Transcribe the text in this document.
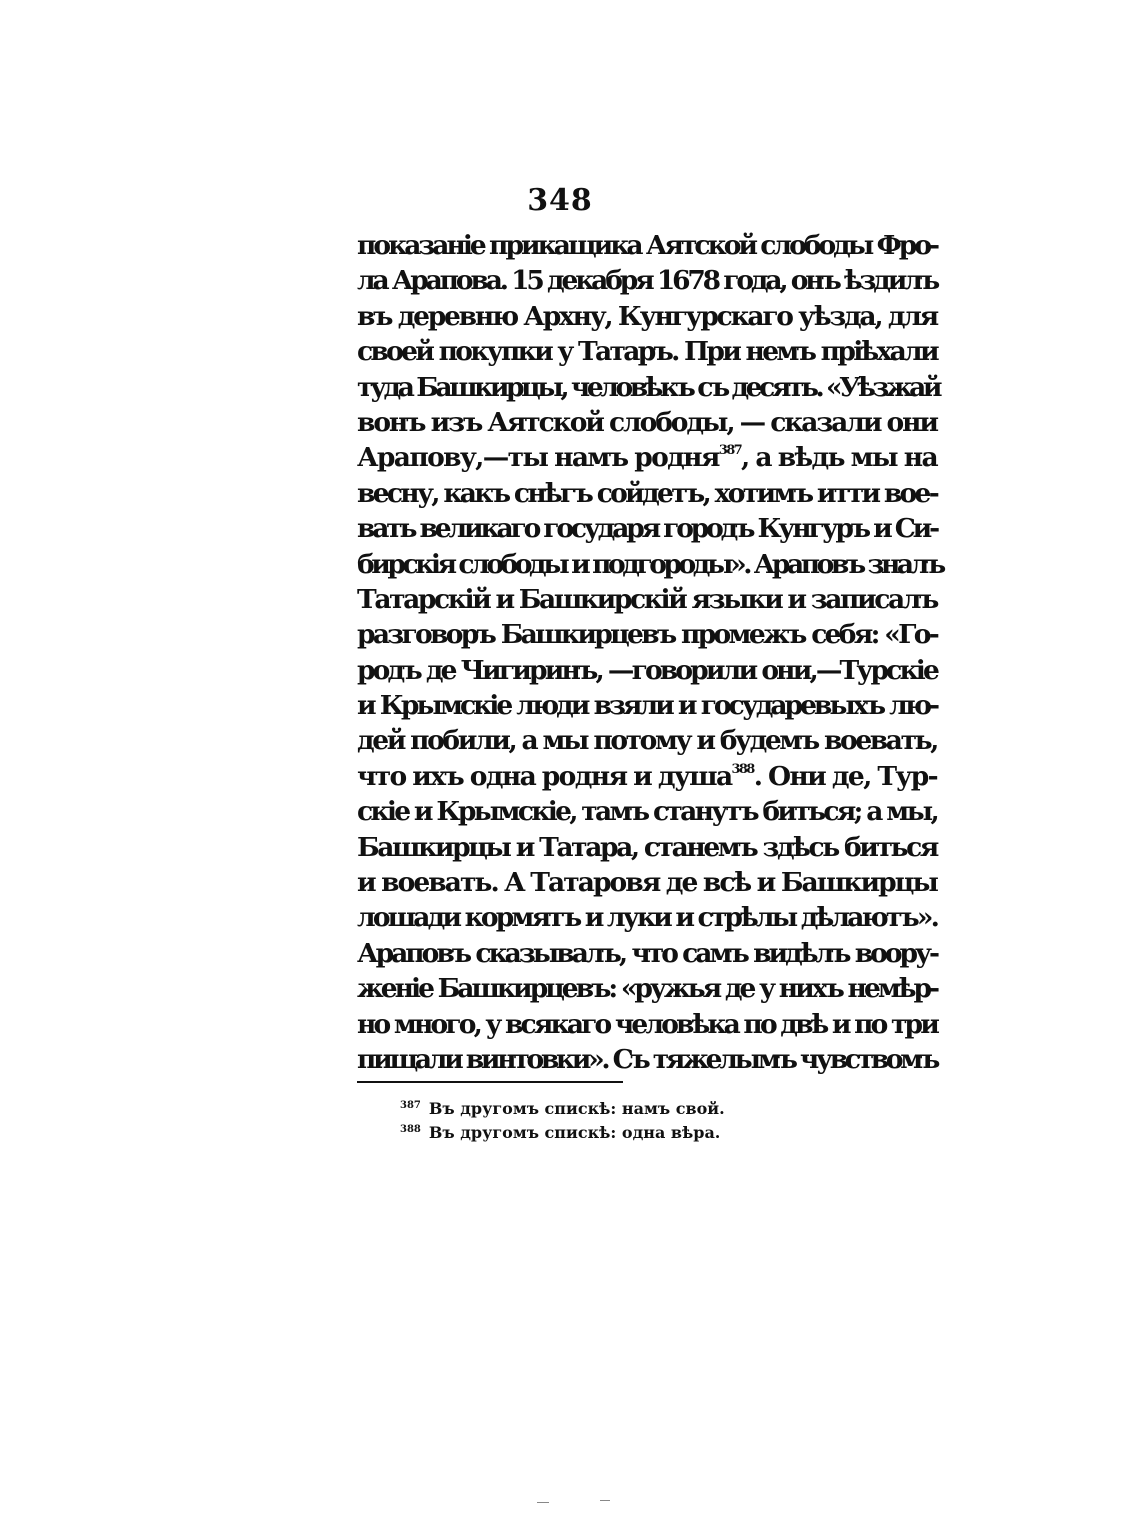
348
показаніе прикащика Аятской слободы Фро-
ла Арапова. 15 декабря 1678 года, онъ ѣздилъ
въ деревню Архну, Кунгурскаго уѣзда, для
своей покупки у Татаръ. При немъ пріѣхали
туда Башкирцы, человѣкъ съ десять. «Уѣзжай
вонъ изъ Аятской слободы, — сказали они
Арапову,—ты намъ родня$^{387}$, а вѣдь мы на
весну, какъ снѣгъ сойдетъ, хотимъ итти вое-
вать великаго государя городъ Кунгуръ и Си-
бирскія слободы и подгороды». Араповъ зналъ
Татарскій и Башкирскій языки и записалъ
разговоръ Башкирцевъ промежъ себя: «Го-
родъ де Чигиринъ, —говорили они,—Турскіе
и Крымскіе люди взяли и государевыхъ лю-
дей побили, а мы потому и будемъ воевать,
что ихъ одна родня и душа$^{388}$. Они де, Тур-
скіе и Крымскіе, тамъ станутъ биться; а мы,
Башкирцы и Татара, станемъ здѣсь биться
и воевать. А Татаровя де всѣ и Башкирцы
лошади кормятъ и луки и стрѣлы дѣлаютъ».
Араповъ сказывалъ, что самъ видѣлъ воору-
женіе Башкирцевъ: «ружья де у нихъ немѣр-
но много, у всякаго человѣка по двѣ и по три
пищали винтовки». Съ тяжелымъ чувствомъ
$^{387}$ Въ другомъ спискѣ: намъ свой.
$^{388}$ Въ другомъ спискѣ: одна вѣра.
